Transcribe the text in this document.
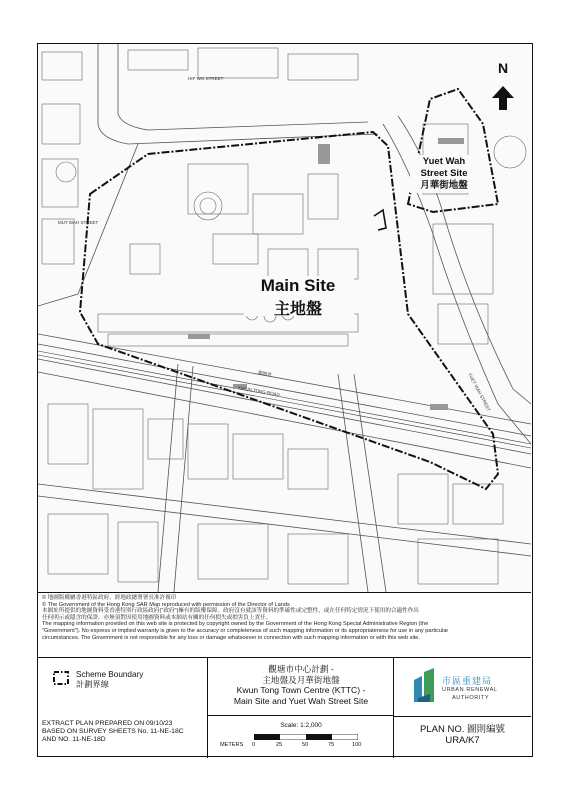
觀塘道
KWUN TONG ROAD	YUET WAH STREET
HIP WO STREET
MUT WAH STREET
N
Main Site
主地盤
Yuet Wah
Street Site
月華街地盤
© 地圖版權屬香港特區政府，經地政總署署長准許複印
© The Government of the Hong Kong SAR Map reproduced with permission of the Director of Lands
本網址所提供的地圖資料受香港特別行政區政府("政府")擁有的版權保障。政府沒有就該等資料的準確性或完整性，或在任何特定情況下使用的合適性作出
任何明示或隱含的保證。亦無須對因使用地圖資料或本網站有關的任何損失或損害負上責任。
The mapping information provided on this web site is protected by copyright owned by the Government of the Hong Kong Special Administrative Region (the
"Government"). No express or implied warranty is given to the accuracy or completeness of such mapping information or its appropriateness for use in any particular
circumstances. The Government is not responsible for any loss or damage whatsoever in connection with such mapping information or with this web site.
Scheme Boundary
計劃界線
EXTRACT PLAN PREPARED ON 09/10/23
BASED ON SURVEY SHEETS No. 11-NE-18C
AND NO. 11-NE-18D
觀塘市中心計劃 -
主地盤及月華街地盤
Kwun Tong Town Centre (KTTC) -
Main Site and Yuet Wah Street Site
Scale: 1:2,000
METERS 0	25	50	75	100
市區重建局
URBAN RENEWAL
AUTHORITY
PLAN NO. 圖則編號
URA/K7
